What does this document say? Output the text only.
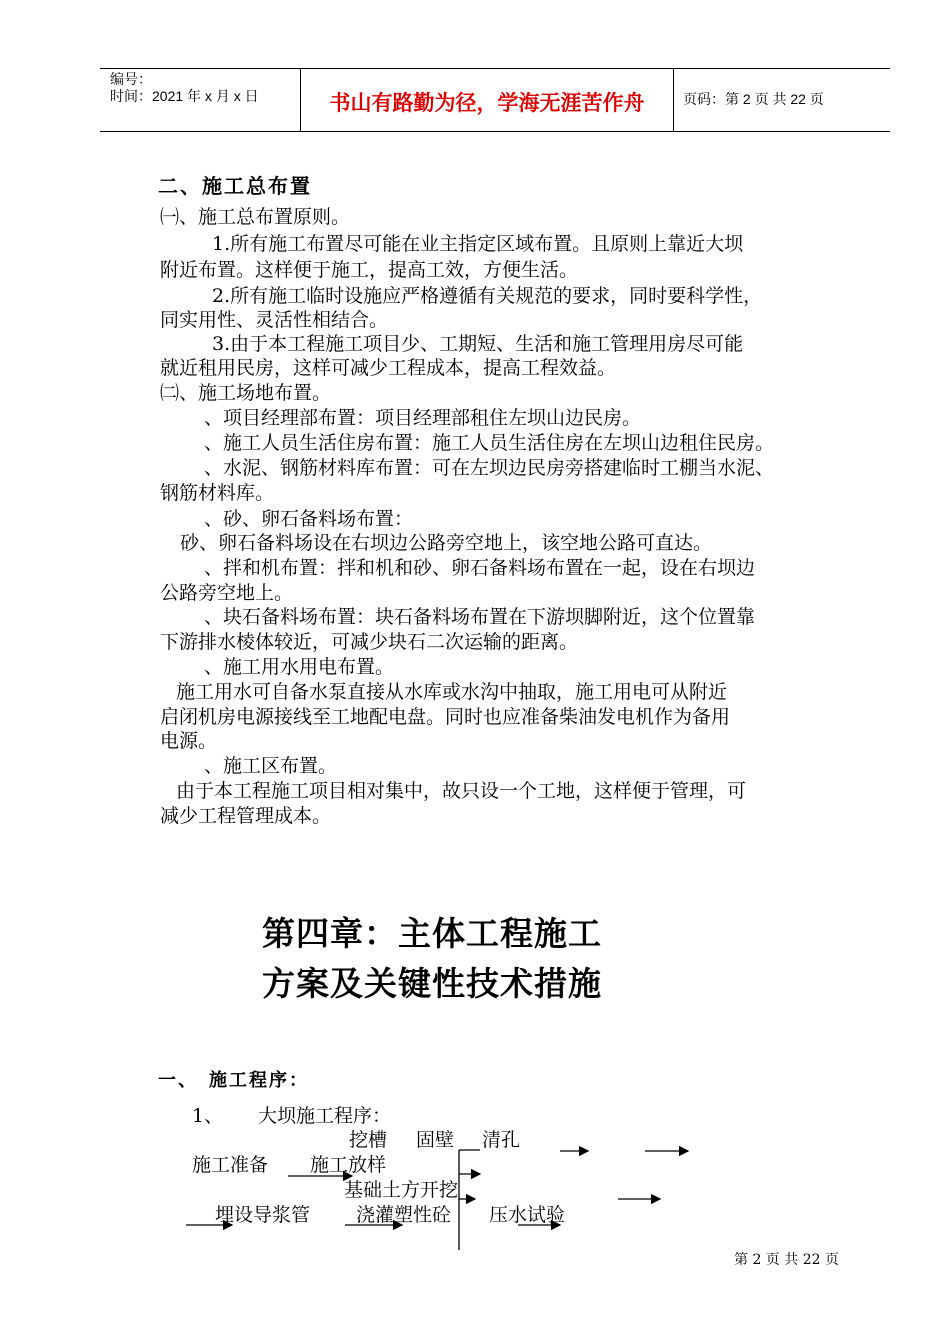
编号：
时间：2021 年 x 月 x 日	书山有路勤为径，学海无涯苦作舟	页码：第 2 页 共 22 页
二、施工总布置
㈠、施工总布置原则。
1.所有施工布置尽可能在业主指定区域布置。且原则上靠近大坝
附近布置。这样便于施工，提高工效，方便生活。
2.所有施工临时设施应严格遵循有关规范的要求，同时要科学性，
同实用性、灵活性相结合。
3.由于本工程施工项目少、工期短、生活和施工管理用房尽可能
就近租用民房，这样可减少工程成本，提高工程效益。
㈡、施工场地布置。
、项目经理部布置：项目经理部租住左坝山边民房。
、施工人员生活住房布置：施工人员生活住房在左坝山边租住民房。
、水泥、钢筋材料库布置：可在左坝边民房旁搭建临时工棚当水泥、
钢筋材料库。
、砂、卵石备料场布置：
砂、卵石备料场设在右坝边公路旁空地上，该空地公路可直达。
、拌和机布置：拌和机和砂、卵石备料场布置在一起，设在右坝边
公路旁空地上。
、块石备料场布置：块石备料场布置在下游坝脚附近，这个位置靠
下游排水棱体较近，可减少块石二次运输的距离。
、施工用水用电布置。
施工用水可自备水泵直接从水库或水沟中抽取，施工用电可从附近
启闭机房电源接线至工地配电盘。同时也应准备柴油发电机作为备用
电源。
、施工区布置。
由于本工程施工项目相对集中，故只设一个工地，这样便于管理，可
减少工程管理成本。
第四章：主体工程施工
方案及关键性技术措施
一、　施工程序：
1、 大坝施工程序：
挖槽 固壁 清孔
施工准备 施工放样
基础土方开挖
埋设导浆管 浇灌塑性砼 压水试验
第 2 页 共 22 页
